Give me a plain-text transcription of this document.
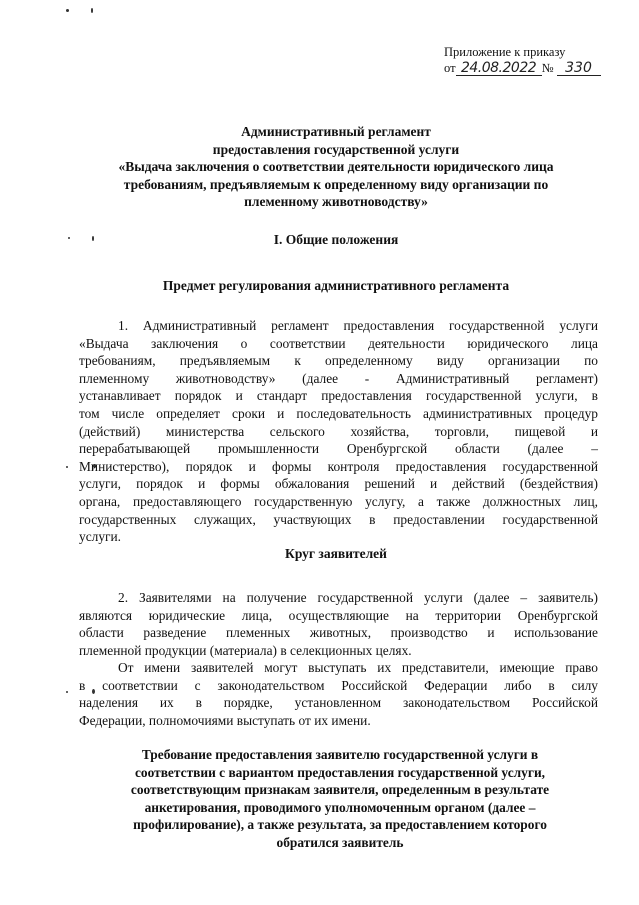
Приложение к приказу
от 24.08.2022 № 330
Административный регламент
предоставления государственной услуги
«Выдача заключения о соответствии деятельности юридического лица
требованиям, предъявляемым к определенному виду организации по
племенному животноводству»
I. Общие положения
Предмет регулирования административного регламента
1. Административный регламент предоставления государственной услуги
«Выдача заключения о соответствии деятельности юридического лица
требованиям, предъявляемым к определенному виду организации по
племенному животноводству» (далее - Административный регламент)
устанавливает порядок и стандарт предоставления государственной услуги, в
том числе определяет сроки и последовательность административных процедур
(действий) министерства сельского хозяйства, торговли, пищевой и
перерабатывающей промышленности Оренбургской области (далее –
Министерство), порядок и формы контроля предоставления государственной
услуги, порядок и формы обжалования решений и действий (бездействия)
органа, предоставляющего государственную услугу, а также должностных лиц,
государственных служащих, участвующих в предоставлении государственной
услуги.
Круг заявителей
2. Заявителями на получение государственной услуги (далее – заявитель)
являются юридические лица, осуществляющие на территории Оренбургской
области разведение племенных животных, производство и использование
племенной продукции (материала) в селекционных целях.
От имени заявителей могут выступать их представители, имеющие право
в соответствии с законодательством Российской Федерации либо в силу
наделения их в порядке, установленном законодательством Российской
Федерации, полномочиями выступать от их имени.
Требование предоставления заявителю государственной услуги в
соответствии с вариантом предоставления государственной услуги,
соответствующим признакам заявителя, определенным в результате
анкетирования, проводимого уполномоченным органом (далее –
профилирование), а также результата, за предоставлением которого
обратился заявитель
